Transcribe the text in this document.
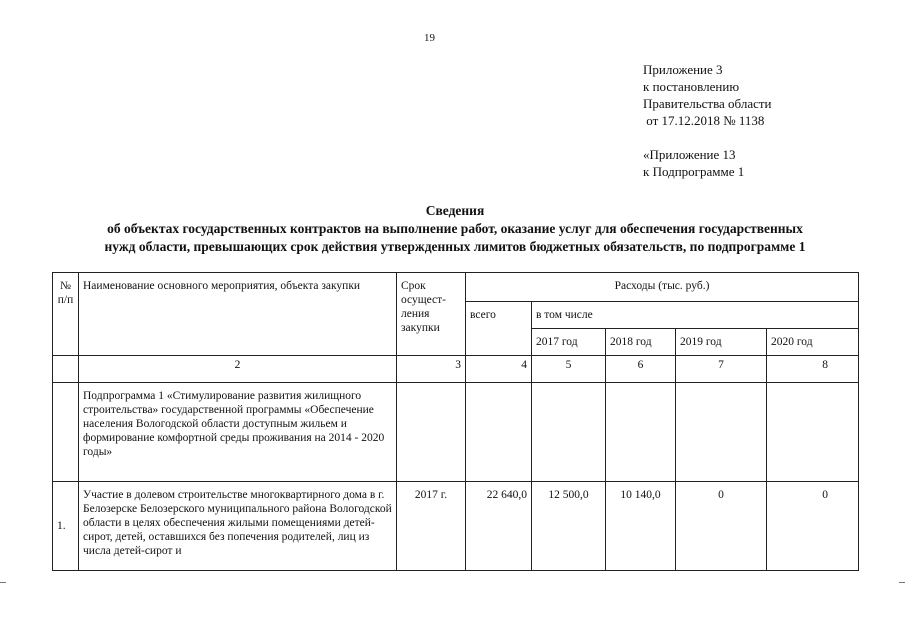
19
Приложение 3
к постановлению
Правительства области
от 17.12.2018 № 1138
«Приложение 13
к Подпрограмме 1
Сведения
об объектах государственных контрактов на выполнение работ, оказание услуг для обеспечения государственных
нужд области, превышающих срок действия утвержденных лимитов бюджетных обязательств, по подпрограмме 1
№ п/п	Наименование основного мероприятия, объекта закупки	Срок осущест-ления закупки	Расходы (тыс. руб.)				
			всего	в том числе			
				2017 год	2018 год	2019 год	2020 год
	2	3	4	5	6	7	8
	Подпрограмма 1 «Стимулирование развития жилищного строительства» государственной программы «Обеспечение населения Вологодской области доступным жильем и формирование комфортной среды проживания на 2014 - 2020 годы»						
1.	Участие в долевом строительстве многоквартирного дома в г. Белозерске Белозерского муниципального района Вологодской области в целях обеспечения жилыми помещениями детей-сирот, детей, оставшихся без попечения родителей, лиц из числа детей-сирот и	2017 г.	22 640,0	12 500,0	10 140,0	0	0
